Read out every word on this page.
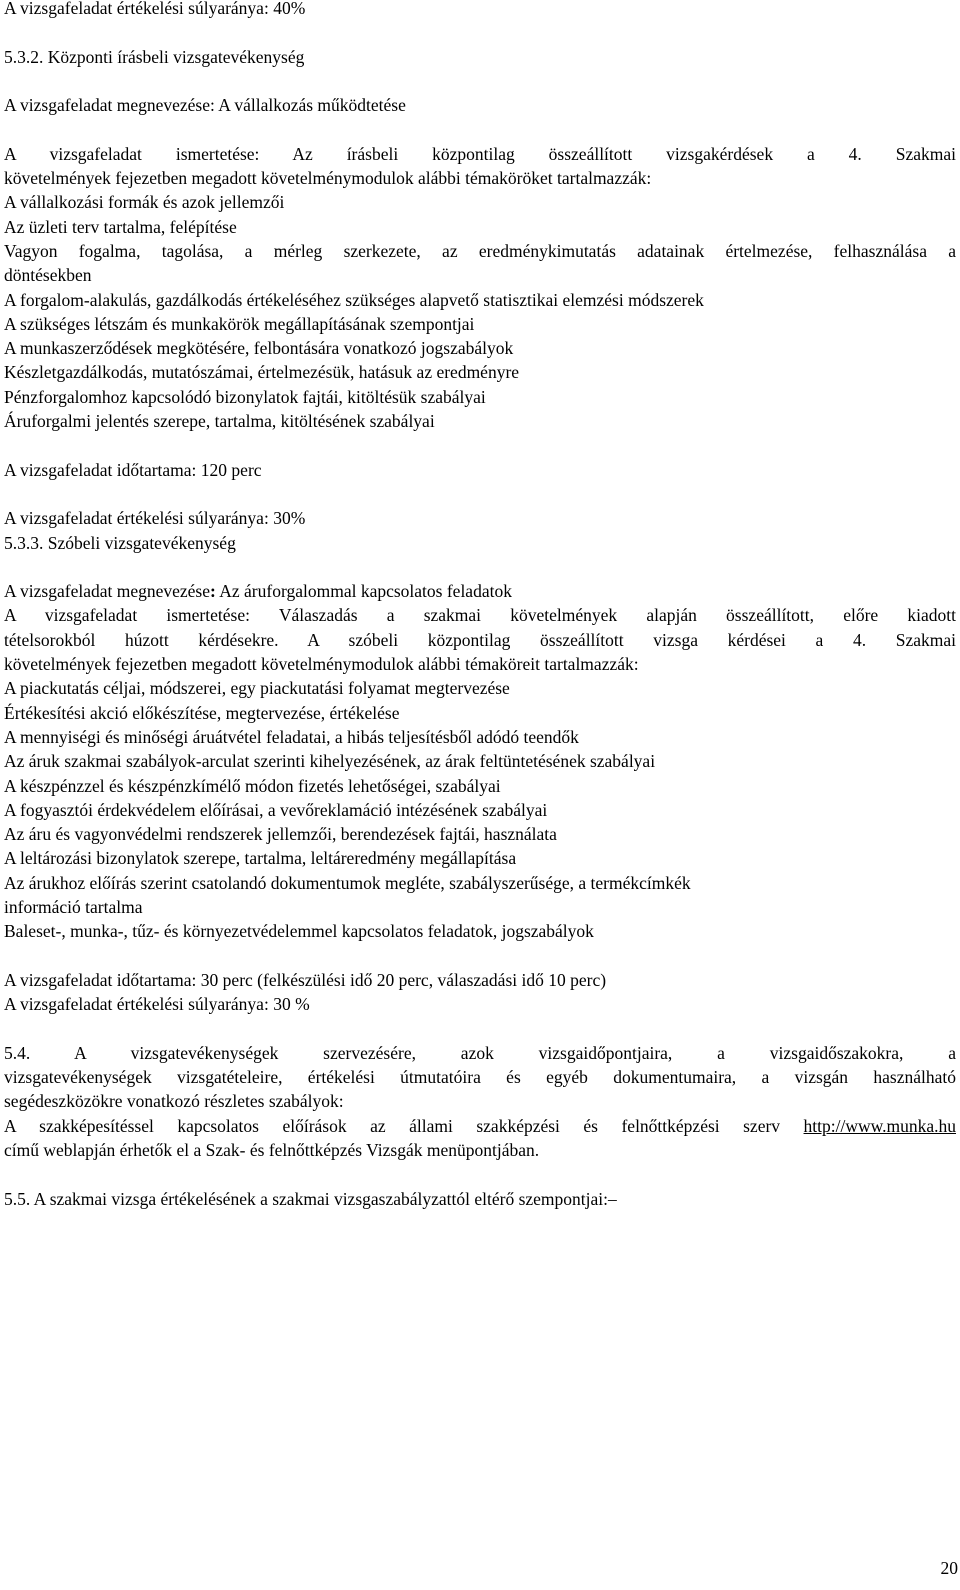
A vizsgafeladat értékelési súlyaránya: 40%
5.3.2. Központi írásbeli vizsgatevékenység
A vizsgafeladat megnevezése: A vállalkozás működtetése
A vizsgafeladat ismertetése: Az írásbeli központilag összeállított vizsgakérdések a 4. Szakmai
követelmények fejezetben megadott követelménymodulok alábbi témaköröket tartalmazzák:
A vállalkozási formák és azok jellemzői
Az üzleti terv tartalma, felépítése
Vagyon fogalma, tagolása, a mérleg szerkezete, az eredménykimutatás adatainak értelmezése, felhasználása a
döntésekben
A forgalom-alakulás, gazdálkodás értékeléséhez szükséges alapvető statisztikai elemzési módszerek
A szükséges létszám és munkakörök megállapításának szempontjai
A munkaszerződések megkötésére, felbontására vonatkozó jogszabályok
Készletgazdálkodás, mutatószámai, értelmezésük, hatásuk az eredményre
Pénzforgalomhoz kapcsolódó bizonylatok fajtái, kitöltésük szabályai
Áruforgalmi jelentés szerepe, tartalma, kitöltésének szabályai
A vizsgafeladat időtartama: 120 perc
A vizsgafeladat értékelési súlyaránya: 30%
5.3.3. Szóbeli vizsgatevékenység
A vizsgafeladat megnevezése: Az áruforgalommal kapcsolatos feladatok
A vizsgafeladat ismertetése: Válaszadás a szakmai követelmények alapján összeállított, előre kiadott
tételsorokból húzott kérdésekre. A szóbeli központilag összeállított vizsga kérdései a 4. Szakmai
követelmények fejezetben megadott követelménymodulok alábbi témaköreit tartalmazzák:
A piackutatás céljai, módszerei, egy piackutatási folyamat megtervezése
Értékesítési akció előkészítése, megtervezése, értékelése
A mennyiségi és minőségi áruátvétel feladatai, a hibás teljesítésből adódó teendők
Az áruk szakmai szabályok-arculat szerinti kihelyezésének, az árak feltüntetésének szabályai
A készpénzzel és készpénzkímélő módon fizetés lehetőségei, szabályai
A fogyasztói érdekvédelem előírásai, a vevőreklamáció intézésének szabályai
Az áru és vagyonvédelmi rendszerek jellemzői, berendezések fajtái, használata
A leltározási bizonylatok szerepe, tartalma, leltáreredmény megállapítása
Az árukhoz előírás szerint csatolandó dokumentumok megléte, szabályszerűsége, a termékcímkék
információ tartalma
Baleset-, munka-, tűz- és környezetvédelemmel kapcsolatos feladatok, jogszabályok
A vizsgafeladat időtartama: 30 perc (felkészülési idő 20 perc, válaszadási idő 10 perc)
A vizsgafeladat értékelési súlyaránya: 30 %
5.4. A vizsgatevékenységek szervezésére, azok vizsgaidőpontjaira, a vizsgaidőszakokra, a
vizsgatevékenységek vizsgatételeire, értékelési útmutatóira és egyéb dokumentumaira, a vizsgán használható
segédeszközökre vonatkozó részletes szabályok:
A szakképesítéssel kapcsolatos előírások az állami szakképzési és felnőttképzési szerv http://www.munka.hu
című weblapján érhetők el a Szak- és felnőttképzés Vizsgák menüpontjában.
5.5. A szakmai vizsga értékelésének a szakmai vizsgaszabályzattól eltérő szempontjai:–
20
